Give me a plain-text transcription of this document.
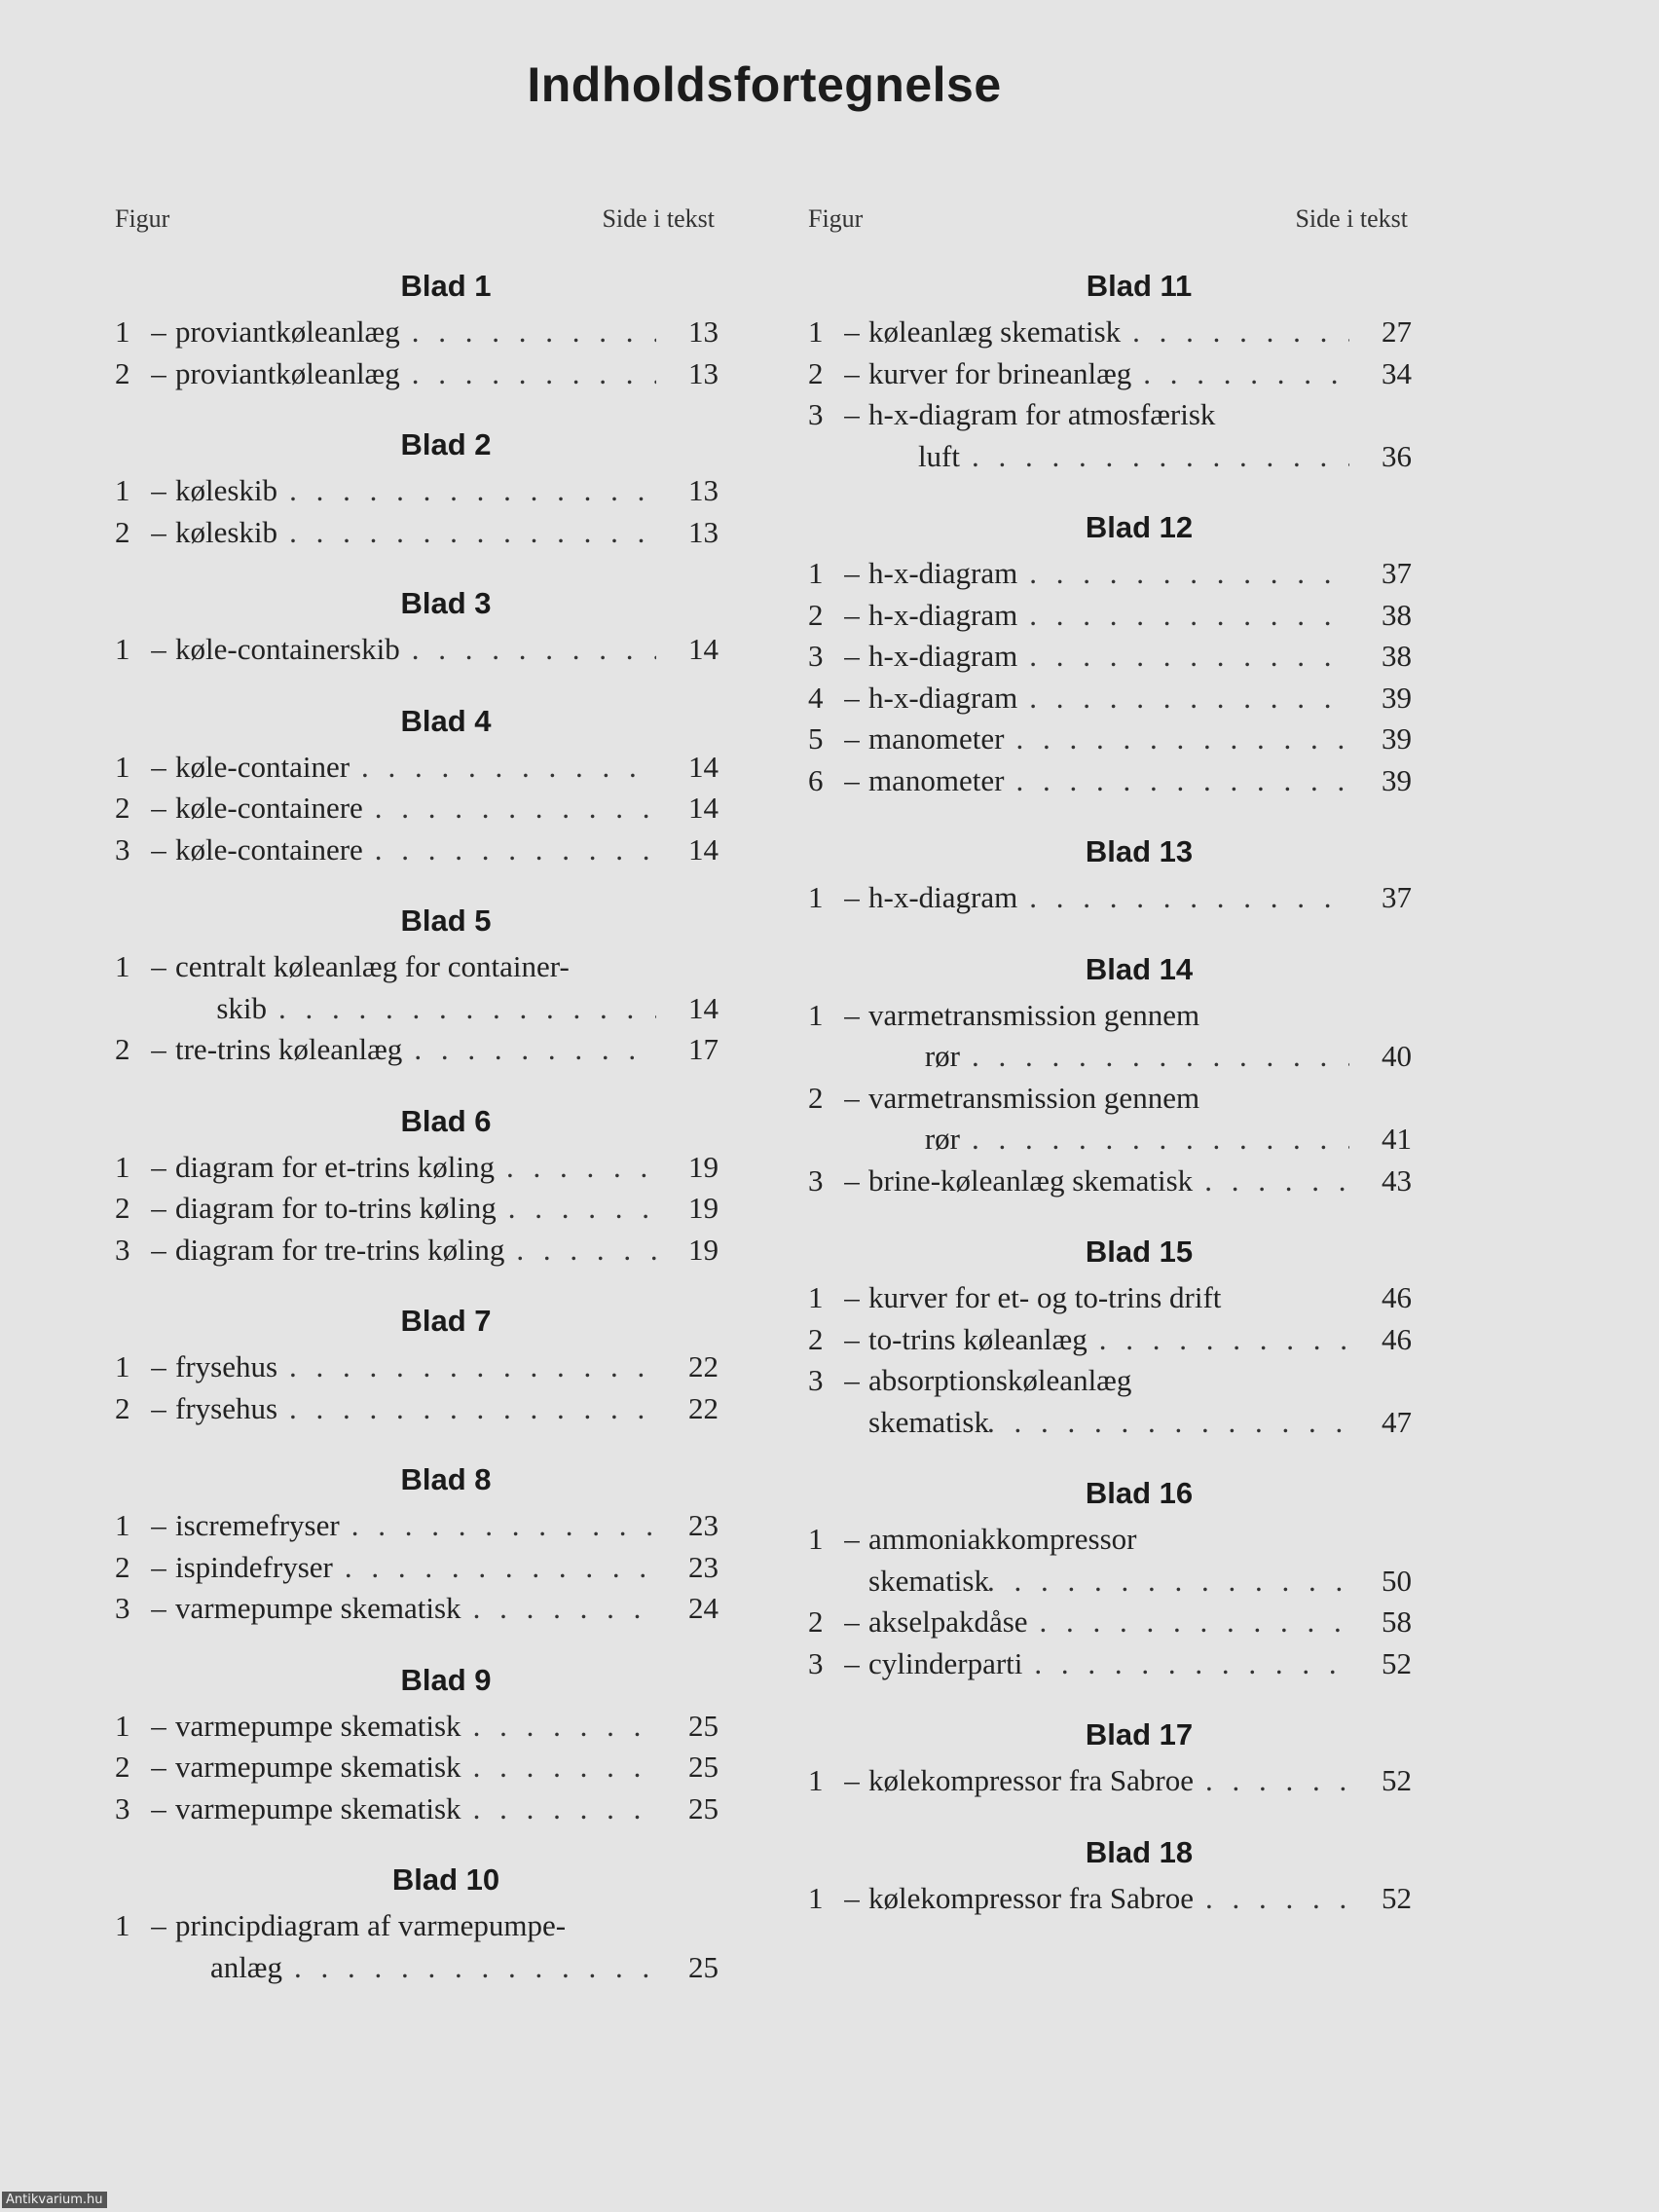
Indholdsfortegnelse
Figur	Side i tekst
Blad 1
1 – proviantkøleanlæg . . .	13
2 – proviantkøleanlæg . . .	13
Blad 2
1 – køleskib . . .	13
2 – køleskib . . .	13
Blad 3
1 – køle-containerskib . . .	14
Blad 4
1 – køle-container . . .	14
2 – køle-containere . . .	14
3 – køle-containere . . .	14
Blad 5
1 – centralt køleanlæg for container-
skib . . .	14
2 – tre-trins køleanlæg . . .	17
Blad 6
1 – diagram for et-trins køling . . .	19
2 – diagram for to-trins køling . . .	19
3 – diagram for tre-trins køling . . .	19
Blad 7
1 – frysehus . . .	22
2 – frysehus . . .	22
Blad 8
1 – iscremefryser . . .	23
2 – ispindefryser . . .	23
3 – varmepumpe skematisk . . .	24
Blad 9
1 – varmepumpe skematisk . . .	25
2 – varmepumpe skematisk . . .	25
3 – varmepumpe skematisk . . .	25
Blad 10
1 – principdiagram af varmepumpe-
anlæg . . .	25
Figur	Side i tekst
Blad 11
1 – køleanlæg skematisk . . .	27
2 – kurver for brineanlæg . . .	34
3 – h-x-diagram for atmosfærisk
luft . . .	36
Blad 12
1 – h-x-diagram . . .	37
2 – h-x-diagram . . .	38
3 – h-x-diagram . . .	38
4 – h-x-diagram . . .	39
5 – manometer . . .	39
6 – manometer . . .	39
Blad 13
1 – h-x-diagram . . .	37
Blad 14
1 – varmetransmission gennem
rør . . .	40
2 – varmetransmission gennem
rør . . .	41
3 – brine-køleanlæg skematisk . . .	43
Blad 15
1 – kurver for et- og to-trins drift	46
2 – to-trins køleanlæg . . .	46
3 – absorptionskøleanlæg
skematisk . . .	47
Blad 16
1 – ammoniakkompressor
skematisk . . .	50
2 – akselpakdåse . . .	58
3 – cylinderparti . . .	52
Blad 17
1 – kølekompressor fra Sabroe . . .	52
Blad 18
1 – kølekompressor fra Sabroe . . .	52
Antikvarium.hu
